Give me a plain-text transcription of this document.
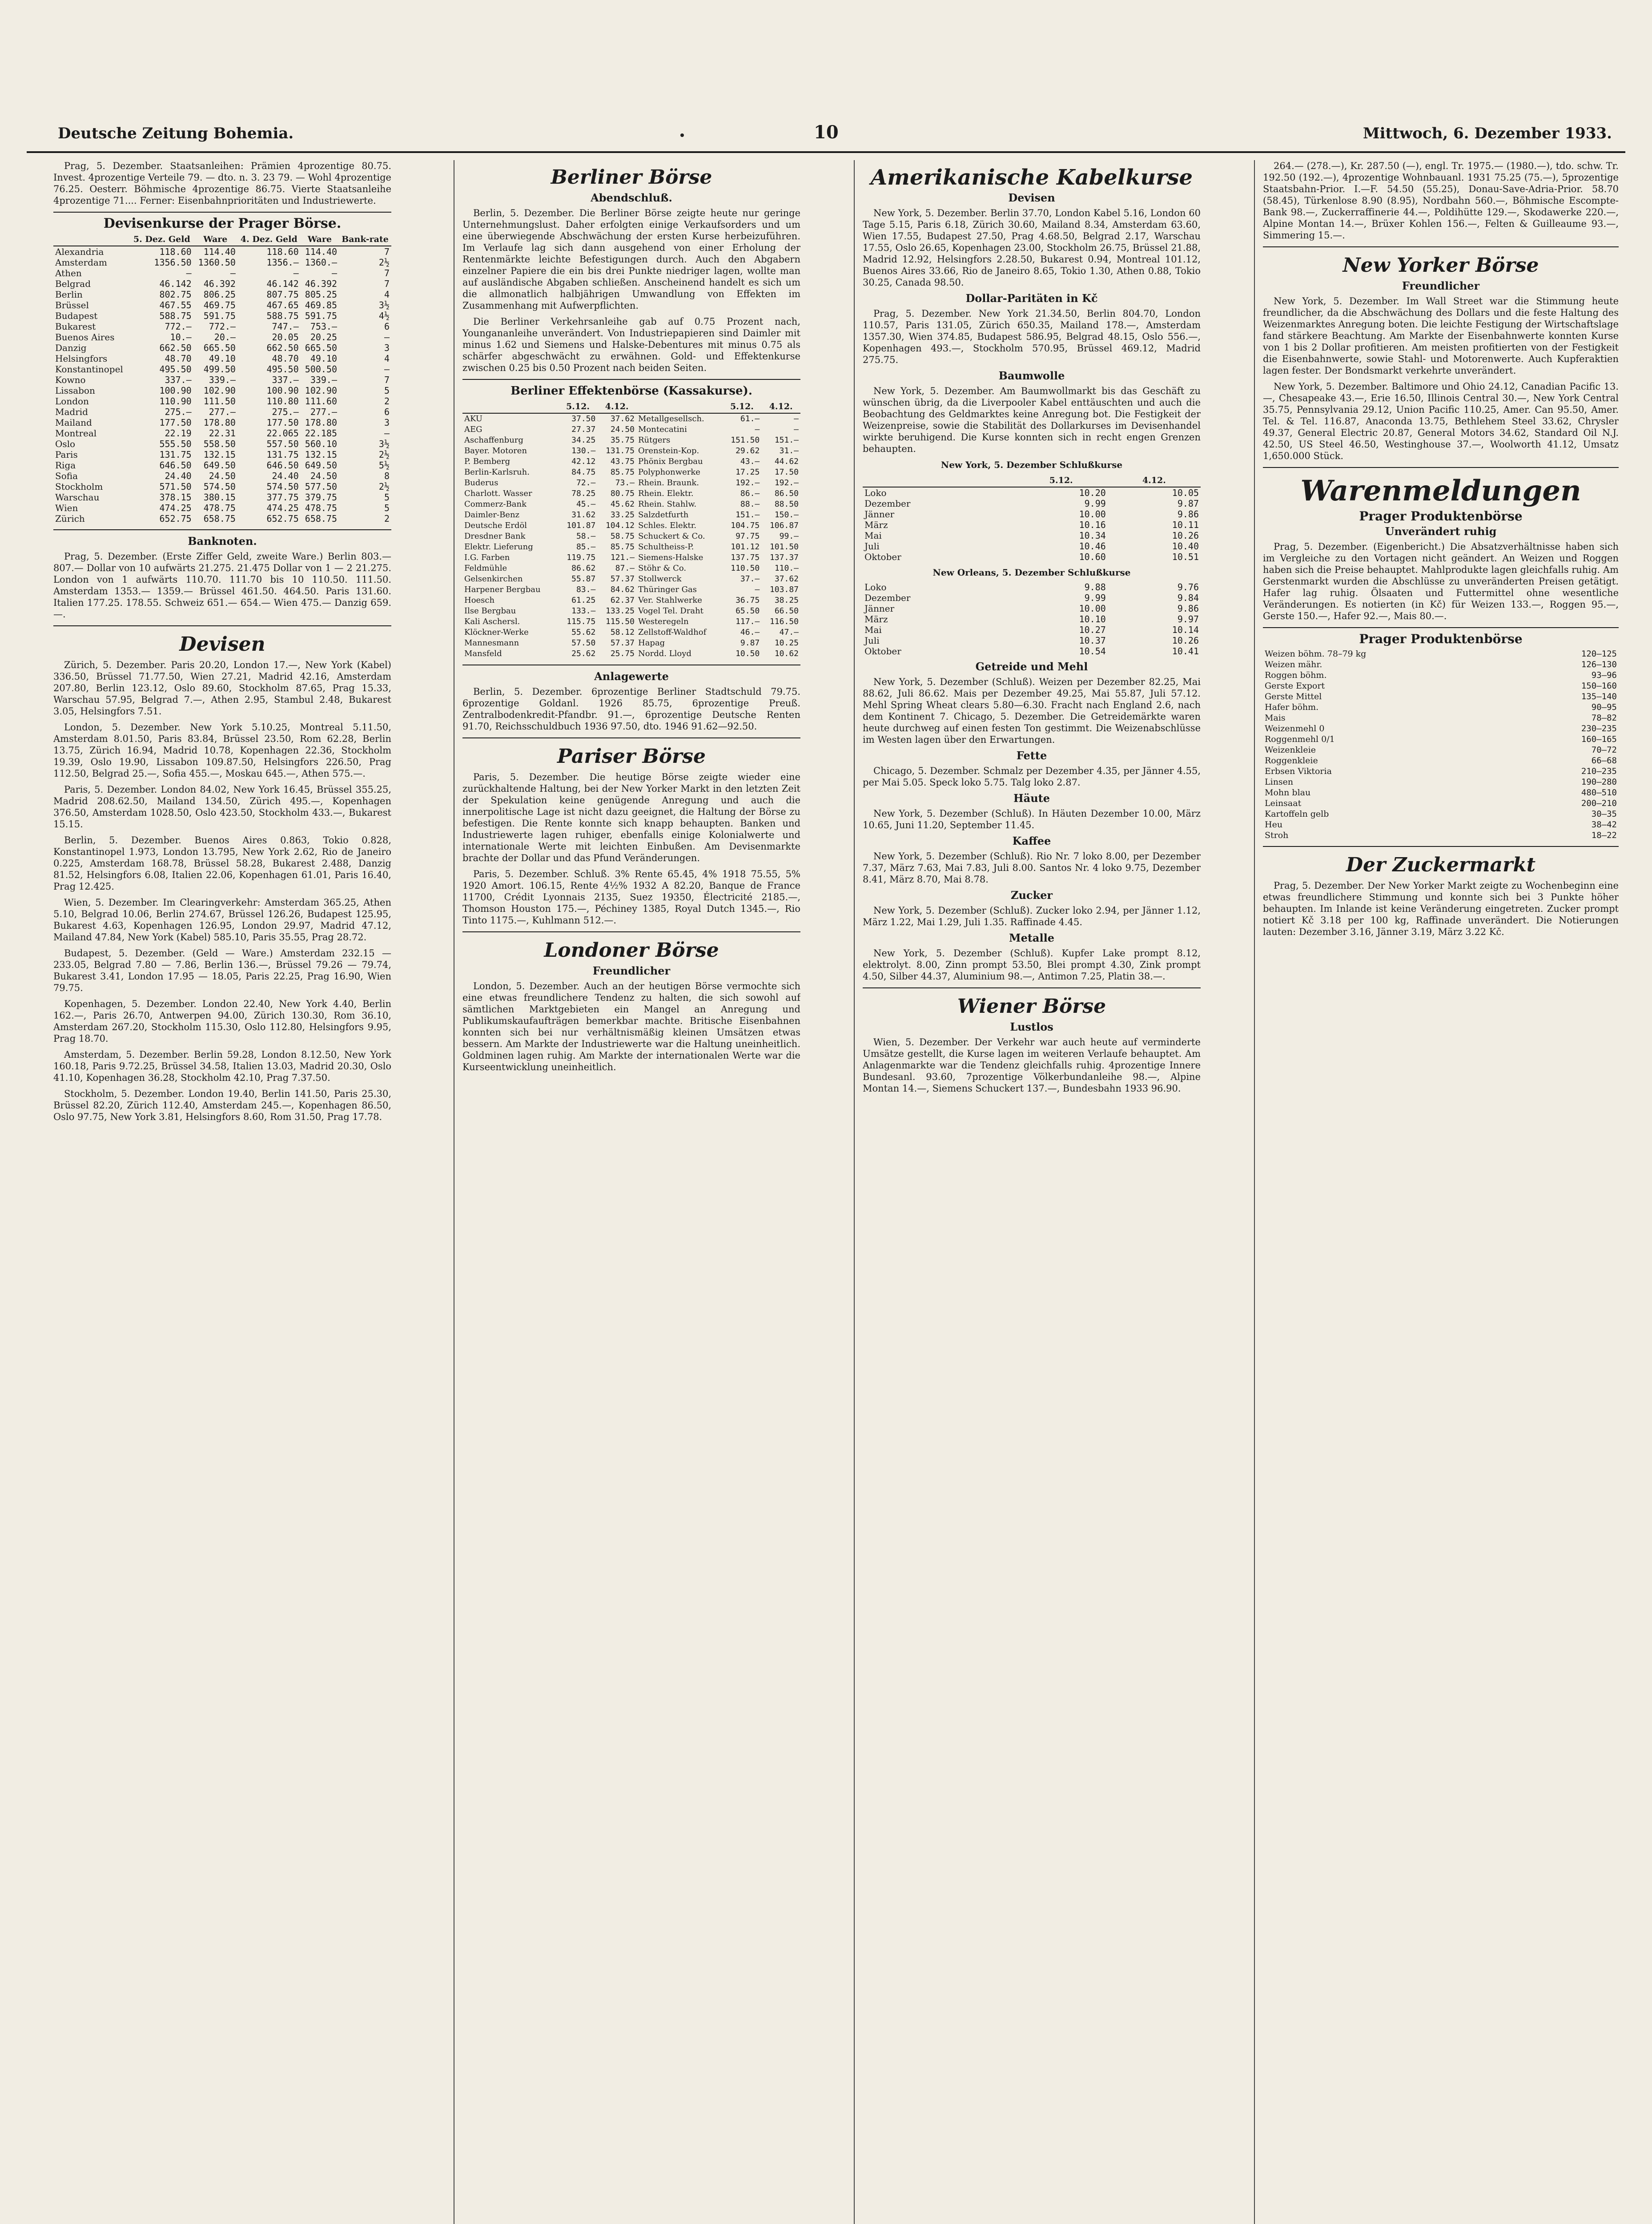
Deutsche Zeitung Bohemia.	10	Mittwoch, 6. Dezember 1933.

Prag, 5. Dezember. Staatsanleihen: Prämien 4prozentige 80.75. Invest. 4prozentige Verteile 79. — dto. n. 3. 23 79. — Wohl 4prozentige 76.25. Oesterr. Böhmische 4prozentige 86.75. Vierte Staatsanleihe 4prozentige 71.... Ferner: Eisenbahnprioritäten und Industriewerte.

Devisenkurse der Prager Börse.
	5. Dez. Geld	Ware	4. Dez. Geld	Ware	Bank-rate
Alexandria	118.60	114.40	118.60	114.40	7
Amsterdam	1356.50	1360.50	1356.—	1360.—	2½
Athen	—	—	—	—	7
Belgrad	46.142	46.392	46.142	46.392	7
Berlin	802.75	806.25	807.75	805.25	4
Brüssel	467.55	469.75	467.65	469.85	3½
Budapest	588.75	591.75	588.75	591.75	4½
Bukarest	772.—	772.—	747.—	753.—	6
Buenos Aires	10.—	20.—	20.05	20.25	—
Danzig	662.50	665.50	662.50	665.50	3
Helsingfors	48.70	49.10	48.70	49.10	4
Konstantinopel	495.50	499.50	495.50	500.50	—
Kowno	337.—	339.—	337.—	339.—	7
Lissabon	100.90	102.90	100.90	102.90	5
London	110.90	111.50	110.80	111.60	2
Madrid	275.—	277.—	275.—	277.—	6
Mailand	177.50	178.80	177.50	178.80	3
Montreal	22.19	22.31	22.065	22.185	—
Oslo	555.50	558.50	557.50	560.10	3½
Paris	131.75	132.15	131.75	132.15	2½
Riga	646.50	649.50	646.50	649.50	5½
Sofia	24.40	24.50	24.40	24.50	8
Stockholm	571.50	574.50	574.50	577.50	2½
Warschau	378.15	380.15	377.75	379.75	5
Wien	474.25	478.75	474.25	478.75	5
Zürich	652.75	658.75	652.75	658.75	2
Banknoten.

Prag, 5. Dezember. (Erste Ziffer Geld, zweite Ware.) Berlin 803.— 807.— Dollar von 10 aufwärts 21.275. 21.475 Dollar von 1 — 2 21.275. London von 1 aufwärts 110.70. 111.70 bis 10 110.50. 111.50. Amsterdam 1353.— 1359.— Brüssel 461.50. 464.50. Paris 131.60. Italien 177.25. 178.55. Schweiz 651.— 654.— Wien 475.— Danzig 659.—.

Devisen

Zürich, 5. Dezember. Paris 20.20, London 17.—, New York (Kabel) 336.50, Brüssel 71.77.50, Wien 27.21, Madrid 42.16, Amsterdam 207.80, Berlin 123.12, Oslo 89.60, Stockholm 87.65, Prag 15.33, Warschau 57.95, Belgrad 7.—, Athen 2.95, Stambul 2.48, Bukarest 3.05, Helsingfors 7.51.

London, 5. Dezember. New York 5.10.25, Montreal 5.11.50, Amsterdam 8.01.50, Paris 83.84, Brüssel 23.50, Rom 62.28, Berlin 13.75, Zürich 16.94, Madrid 10.78, Kopenhagen 22.36, Stockholm 19.39, Oslo 19.90, Lissabon 109.87.50, Helsingfors 226.50, Prag 112.50, Belgrad 25.—, Sofia 455.—, Moskau 645.—, Athen 575.—.

Paris, 5. Dezember. London 84.02, New York 16.45, Brüssel 355.25, Madrid 208.62.50, Mailand 134.50, Zürich 495.—, Kopenhagen 376.50, Amsterdam 1028.50, Oslo 423.50, Stockholm 433.—, Bukarest 15.15.

Berlin, 5. Dezember. Buenos Aires 0.863, Tokio 0.828, Konstantinopel 1.973, London 13.795, New York 2.62, Rio de Janeiro 0.225, Amsterdam 168.78, Brüssel 58.28, Bukarest 2.488, Danzig 81.52, Helsingfors 6.08, Italien 22.06, Kopenhagen 61.01, Paris 16.40, Prag 12.425.

Wien, 5. Dezember. Im Clearingverkehr: Amsterdam 365.25, Athen 5.10, Belgrad 10.06, Berlin 274.67, Brüssel 126.26, Budapest 125.95, Bukarest 4.63, Kopenhagen 126.95, London 29.97, Madrid 47.12, Mailand 47.84, New York (Kabel) 585.10, Paris 35.55, Prag 28.72.

Budapest, 5. Dezember. (Geld — Ware.) Amsterdam 232.15 — 233.05, Belgrad 7.80 — 7.86, Berlin 136.—, Brüssel 79.26 — 79.74, Bukarest 3.41, London 17.95 — 18.05, Paris 22.25, Prag 16.90, Wien 79.75.

Kopenhagen, 5. Dezember. London 22.40, New York 4.40, Berlin 162.—, Paris 26.70, Antwerpen 94.00, Zürich 130.30, Rom 36.10, Amsterdam 267.20, Stockholm 115.30, Oslo 112.80, Helsingfors 9.95, Prag 18.70.

Amsterdam, 5. Dezember. Berlin 59.28, London 8.12.50, New York 160.18, Paris 9.72.25, Brüssel 34.58, Italien 13.03, Madrid 20.30, Oslo 41.10, Kopenhagen 36.28, Stockholm 42.10, Prag 7.37.50.

Stockholm, 5. Dezember. London 19.40, Berlin 141.50, Paris 25.30, Brüssel 82.20, Zürich 112.40, Amsterdam 245.—, Kopenhagen 86.50, Oslo 97.75, New York 3.81, Helsingfors 8.60, Rom 31.50, Prag 17.78.

Berliner Börse
Abendschluß.

Berlin, 5. Dezember. Die Berliner Börse zeigte heute nur geringe Unternehmungslust. Daher erfolgten einige Verkaufsorders und um eine überwiegende Abschwächung der ersten Kurse herbeizuführen. Im Verlaufe lag sich dann ausgehend von einer Erholung der Rentenmärkte leichte Befestigungen durch. Auch den Abgabern einzelner Papiere die ein bis drei Punkte niedriger lagen, wollte man auf ausländische Abgaben schließen. Anscheinend handelt es sich um die allmonatlich halbjährigen Umwandlung von Effekten im Zusammenhang mit Aufwerpflichten.

Die Berliner Verkehrsanleihe gab auf 0.75 Prozent nach, Youngananleihe unverändert. Von Industriepapieren sind Daimler mit minus 1.62 und Siemens und Halske-Debentures mit minus 0.75 als schärfer abgeschwächt zu erwähnen. Gold- und Effektenkurse zwischen 0.25 bis 0.50 Prozent nach beiden Seiten.

Berliner Effektenbörse (Kassakurse).
	5.12.	4.12.		5.12.	4.12.
AKU	37.50	37.62	Metallgesellsch.	61.—	—
AEG	27.37	24.50	Montecatini	—	—
Aschaffenburg	34.25	35.75	Rütgers	151.50	151.—
Bayer. Motoren	130.—	131.75	Orenstein-Kop.	29.62	31.—
P. Bemberg	42.12	43.75	Phönix Bergbau	43.—	44.62
Berlin-Karlsruh.	84.75	85.75	Polyphonwerke	17.25	17.50
Buderus	72.—	73.—	Rhein. Braunk.	192.—	192.—
Charlott. Wasser	78.25	80.75	Rhein. Elektr.	86.—	86.50
Commerz-Bank	45.—	45.62	Rhein. Stahlw.	88.—	88.50
Daimler-Benz	31.62	33.25	Salzdetfurth	151.—	150.—
Deutsche Erdöl	101.87	104.12	Schles. Elektr.	104.75	106.87
Dresdner Bank	58.—	58.75	Schuckert & Co.	97.75	99.—
Elektr. Lieferung	85.—	85.75	Schultheiss-P.	101.12	101.50
I.G. Farben	119.75	121.—	Siemens-Halske	137.75	137.37
Feldmühle	86.62	87.—	Stöhr & Co.	110.50	110.—
Gelsenkirchen	55.87	57.37	Stollwerck	37.—	37.62
Harpener Bergbau	83.—	84.62	Thüringer Gas	—	103.87
Hoesch	61.25	62.37	Ver. Stahlwerke	36.75	38.25
Ilse Bergbau	133.—	133.25	Vogel Tel. Draht	65.50	66.50
Kali Aschersl.	115.75	115.50	Westeregeln	117.—	116.50
Klöckner-Werke	55.62	58.12	Zellstoff-Waldhof	46.—	47.—
Mannesmann	57.50	57.37	Hapag	9.87	10.25
Mansfeld	25.62	25.75	Nordd. Lloyd	10.50	10.62
Anlagewerte

Berlin, 5. Dezember. 6prozentige Berliner Stadtschuld 79.75. 6prozentige Goldanl. 1926 85.75, 6prozentige Preuß. Zentralbodenkredit-Pfandbr. 91.—, 6prozentige Deutsche Renten 91.70, Reichsschuldbuch 1936 97.50, dto. 1946 91.62—92.50.

Pariser Börse

Paris, 5. Dezember. Die heutige Börse zeigte wieder eine zurückhaltende Haltung, bei der New Yorker Markt in den letzten Zeit der Spekulation keine genügende Anregung und auch die innerpolitische Lage ist nicht dazu geeignet, die Haltung der Börse zu befestigen. Die Rente konnte sich knapp behaupten. Banken und Industriewerte lagen ruhiger, ebenfalls einige Kolonialwerte und internationale Werte mit leichten Einbußen. Am Devisenmarkte brachte der Dollar und das Pfund Veränderungen.

Paris, 5. Dezember. Schluß. 3% Rente 65.45, 4% 1918 75.55, 5% 1920 Amort. 106.15, Rente 4½% 1932 A 82.20, Banque de France 11700, Crédit Lyonnais 2135, Suez 19350, Électricité 2185.—, Thomson Houston 175.—, Péchiney 1385, Royal Dutch 1345.—, Rio Tinto 1175.—, Kuhlmann 512.—.

Londoner Börse
Freundlicher

London, 5. Dezember. Auch an der heutigen Börse vermochte sich eine etwas freundlichere Tendenz zu halten, die sich sowohl auf sämtlichen Marktgebieten ein Mangel an Anregung und Publikumskaufaufträgen bemerkbar machte. Britische Eisenbahnen konnten sich bei nur verhältnismäßig kleinen Umsätzen etwas bessern. Am Markte der Industriewerte war die Haltung uneinheitlich. Goldminen lagen ruhig. Am Markte der internationalen Werte war die Kurseentwicklung uneinheitlich.

Amerikanische Kabelkurse
Devisen

New York, 5. Dezember. Berlin 37.70, London Kabel 5.16, London 60 Tage 5.15, Paris 6.18, Zürich 30.60, Mailand 8.34, Amsterdam 63.60, Wien 17.55, Budapest 27.50, Prag 4.68.50, Belgrad 2.17, Warschau 17.55, Oslo 26.65, Kopenhagen 23.00, Stockholm 26.75, Brüssel 21.88, Madrid 12.92, Helsingfors 2.28.50, Bukarest 0.94, Montreal 101.12, Buenos Aires 33.66, Rio de Janeiro 8.65, Tokio 1.30, Athen 0.88, Tokio 30.25, Canada 98.50.

Dollar-Paritäten in Kč

Prag, 5. Dezember. New York 21.34.50, Berlin 804.70, London 110.57, Paris 131.05, Zürich 650.35, Mailand 178.—, Amsterdam 1357.30, Wien 374.85, Budapest 586.95, Belgrad 48.15, Oslo 556.—, Kopenhagen 493.—, Stockholm 570.95, Brüssel 469.12, Madrid 275.75.

Baumwolle

New York, 5. Dezember. Am Baumwollmarkt bis das Geschäft zu wünschen übrig, da die Liverpooler Kabel enttäuschten und auch die Beobachtung des Geldmarktes keine Anregung bot. Die Festigkeit der Weizenpreise, sowie die Stabilität des Dollarkurses im Devisenhandel wirkte beruhigend. Die Kurse konnten sich in recht engen Grenzen behaupten.

New York, 5. Dezember Schlußkurse
	5.12.	4.12.
Loko	10.20	10.05
Dezember	9.99	9.87
Jänner	10.00	9.86
März	10.16	10.11
Mai	10.34	10.26
Juli	10.46	10.40
Oktober	10.60	10.51
New Orleans, 5. Dezember Schlußkurse
Loko	9.88	9.76
Dezember	9.99	9.84
Jänner	10.00	9.86
März	10.10	9.97
Mai	10.27	10.14
Juli	10.37	10.26
Oktober	10.54	10.41
Getreide und Mehl

New York, 5. Dezember (Schluß). Weizen per Dezember 82.25, Mai 88.62, Juli 86.62. Mais per Dezember 49.25, Mai 55.87, Juli 57.12. Mehl Spring Wheat clears 5.80—6.30. Fracht nach England 2.6, nach dem Kontinent 7. Chicago, 5. Dezember. Die Getreidemärkte waren heute durchweg auf einen festen Ton gestimmt. Die Weizenabschlüsse im Westen lagen über den Erwartungen.

Fette

Chicago, 5. Dezember. Schmalz per Dezember 4.35, per Jänner 4.55, per Mai 5.05. Speck loko 5.75. Talg loko 2.87.

Häute

New York, 5. Dezember (Schluß). In Häuten Dezember 10.00, März 10.65, Juni 11.20, September 11.45.

Kaffee

New York, 5. Dezember (Schluß). Rio Nr. 7 loko 8.00, per Dezember 7.37, März 7.63, Mai 7.83, Juli 8.00. Santos Nr. 4 loko 9.75, Dezember 8.41, März 8.70, Mai 8.78.

Zucker

New York, 5. Dezember (Schluß). Zucker loko 2.94, per Jänner 1.12, März 1.22, Mai 1.29, Juli 1.35. Raffinade 4.45.

Metalle

New York, 5. Dezember (Schluß). Kupfer Lake prompt 8.12, elektrolyt. 8.00, Zinn prompt 53.50, Blei prompt 4.30, Zink prompt 4.50, Silber 44.37, Aluminium 98.—, Antimon 7.25, Platin 38.—.

Wiener Börse
Lustlos

Wien, 5. Dezember. Der Verkehr war auch heute auf verminderte Umsätze gestellt, die Kurse lagen im weiteren Verlaufe behauptet. Am Anlagenmarkte war die Tendenz gleichfalls ruhig. 4prozentige Innere Bundesanl. 93.60, 7prozentige Völkerbundanleihe 98.—, Alpine Montan 14.—, Siemens Schuckert 137.—, Bundesbahn 1933 96.90.

264.— (278.—), Kr. 287.50 (—), engl. Tr. 1975.— (1980.—), tdo. schw. Tr. 192.50 (192.—), 4prozentige Wohnbauanl. 1931 75.25 (75.—), 5prozentige Staatsbahn-Prior. I.—F. 54.50 (55.25), Donau-Save-Adria-Prior. 58.70 (58.45), Türkenlose 8.90 (8.95), Nordbahn 560.—, Böhmische Escompte-Bank 98.—, Zuckerraffinerie 44.—, Poldihütte 129.—, Skodawerke 220.—, Alpine Montan 14.—, Brüxer Kohlen 156.—, Felten & Guilleaume 93.—, Simmering 15.—.

New Yorker Börse
Freundlicher

New York, 5. Dezember. Im Wall Street war die Stimmung heute freundlicher, da die Abschwächung des Dollars und die feste Haltung des Weizenmarktes Anregung boten. Die leichte Festigung der Wirtschaftslage fand stärkere Beachtung. Am Markte der Eisenbahnwerte konnten Kurse von 1 bis 2 Dollar profitieren. Am meisten profitierten von der Festigkeit die Eisenbahnwerte, sowie Stahl- und Motorenwerte. Auch Kupferaktien lagen fester. Der Bondsmarkt verkehrte unverändert.

New York, 5. Dezember. Baltimore und Ohio 24.12, Canadian Pacific 13.—, Chesapeake 43.—, Erie 16.50, Illinois Central 30.—, New York Central 35.75, Pennsylvania 29.12, Union Pacific 110.25, Amer. Can 95.50, Amer. Tel. & Tel. 116.87, Anaconda 13.75, Bethlehem Steel 33.62, Chrysler 49.37, General Electric 20.87, General Motors 34.62, Standard Oil N.J. 42.50, US Steel 46.50, Westinghouse 37.—, Woolworth 41.12, Umsatz 1,650.000 Stück.

Warenmeldungen
Prager Produktenbörse
Unverändert ruhig

Prag, 5. Dezember. (Eigenbericht.) Die Absatzverhältnisse haben sich im Vergleiche zu den Vortagen nicht geändert. An Weizen und Roggen haben sich die Preise behauptet. Mahlprodukte lagen gleichfalls ruhig. Am Gerstenmarkt wurden die Abschlüsse zu unveränderten Preisen getätigt. Hafer lag ruhig. Ölsaaten und Futtermittel ohne wesentliche Veränderungen. Es notierten (in Kč) für Weizen 133.—, Roggen 95.—, Gerste 150.—, Hafer 92.—, Mais 80.—.

Prager Produktenbörse
Weizen böhm. 78–79 kg	120—125
Weizen mähr.	126—130
Roggen böhm.	93—96
Gerste Export	150—160
Gerste Mittel	135—140
Hafer böhm.	90—95
Mais	78—82
Weizenmehl 0	230—235
Roggenmehl 0/1	160—165
Weizenkleie	70—72
Roggenkleie	66—68
Erbsen Viktoria	210—235
Linsen	190—280
Mohn blau	480—510
Leinsaat	200—210
Kartoffeln gelb	30—35
Heu	38—42
Stroh	18—22
Der Zuckermarkt

Prag, 5. Dezember. Der New Yorker Markt zeigte zu Wochenbeginn eine etwas freundlichere Stimmung und konnte sich bei 3 Punkte höher behaupten. Im Inlande ist keine Veränderung eingetreten. Zucker prompt notiert Kč 3.18 per 100 kg, Raffinade unverändert. Die Notierungen lauten: Dezember 3.16, Jänner 3.19, März 3.22 Kč.
